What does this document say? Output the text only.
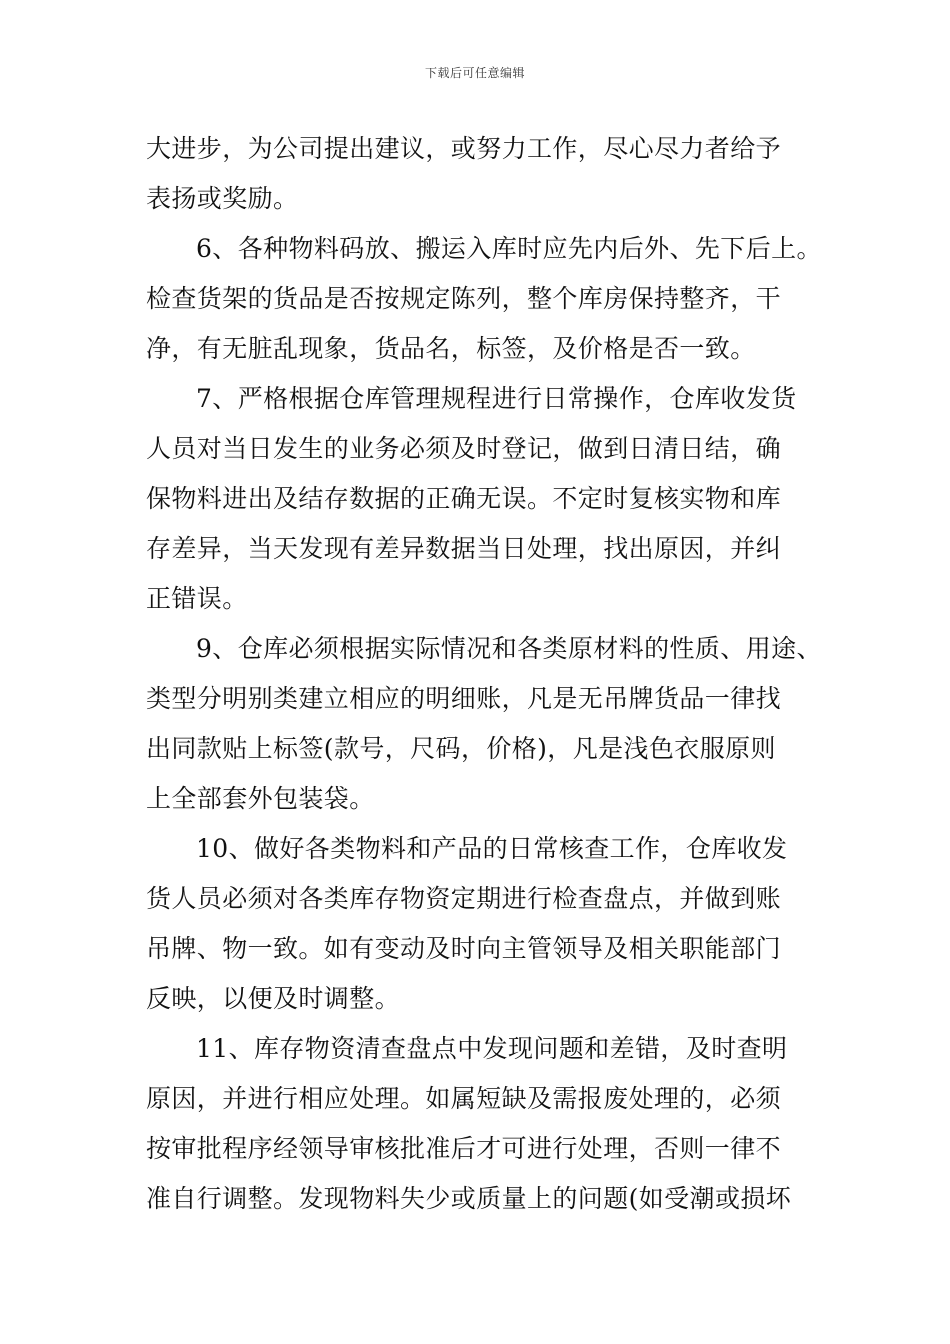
下载后可任意编辑
大进步，为公司提出建议，或努力工作，尽心尽力者给予
表扬或奖励。
6、各种物料码放、搬运入库时应先内后外、先下后上。
检查货架的货品是否按规定陈列，整个库房保持整齐，干
净，有无脏乱现象，货品名，标签，及价格是否一致。
7、严格根据仓库管理规程进行日常操作，仓库收发货
人员对当日发生的业务必须及时登记，做到日清日结，确
保物料进出及结存数据的正确无误。不定时复核实物和库
存差异，当天发现有差异数据当日处理，找出原因，并纠
正错误。
9、仓库必须根据实际情况和各类原材料的性质、用途、
类型分明别类建立相应的明细账，凡是无吊牌货品一律找
出同款贴上标签(款号，尺码，价格)，凡是浅色衣服原则
上全部套外包装袋。
10、做好各类物料和产品的日常核查工作，仓库收发
货人员必须对各类库存物资定期进行检查盘点，并做到账
吊牌、物一致。如有变动及时向主管领导及相关职能部门
反映，以便及时调整。
11、库存物资清查盘点中发现问题和差错，及时查明
原因，并进行相应处理。如属短缺及需报废处理的，必须
按审批程序经领导审核批准后才可进行处理，否则一律不
准自行调整。发现物料失少或质量上的问题(如受潮或损坏
